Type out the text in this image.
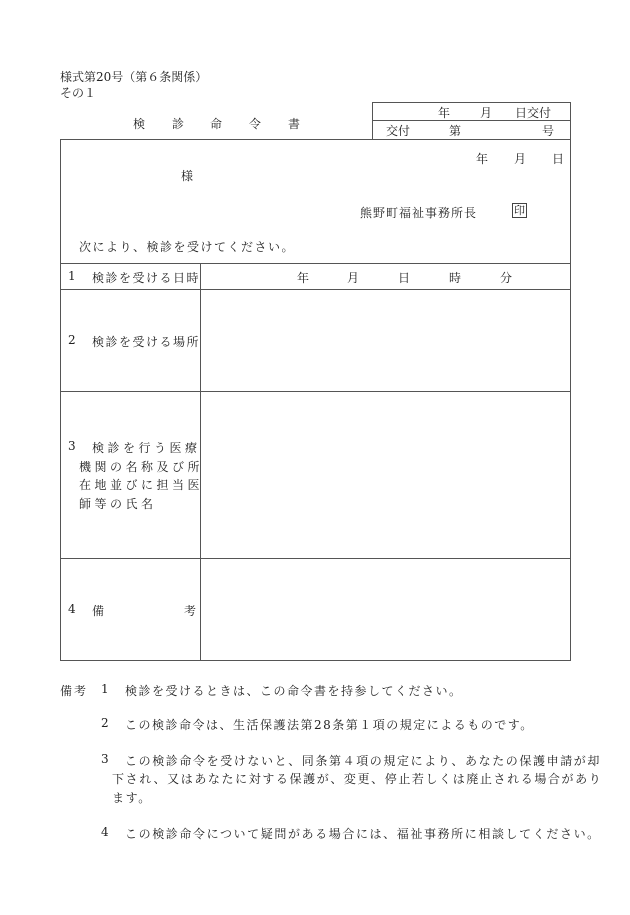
様式第20号（第６条関係）
その１
検 診 命 令 書
年 月 日交付
交付	第	号
年 月 日
様
熊野町福祉事務所長	印
次により、検診を受けてください。
1 検診を受ける日時	年	月	日	時	分
2 検診を受ける場所
3 検診を行う医療
機関の名称及び所
在地並びに担当医
師等の氏名
4 備	考
備考 1 検診を受けるときは、この命令書を持参してください。
2 この検診命令は、生活保護法第28条第１項の規定によるものです。
3 この検診命令を受けないと、同条第４項の規定により、あなたの保護申請が却
下され、又はあなたに対する保護が、変更、停止若しくは廃止される場合があり
ます。
4 この検診命令について疑問がある場合には、福祉事務所に相談してください。
